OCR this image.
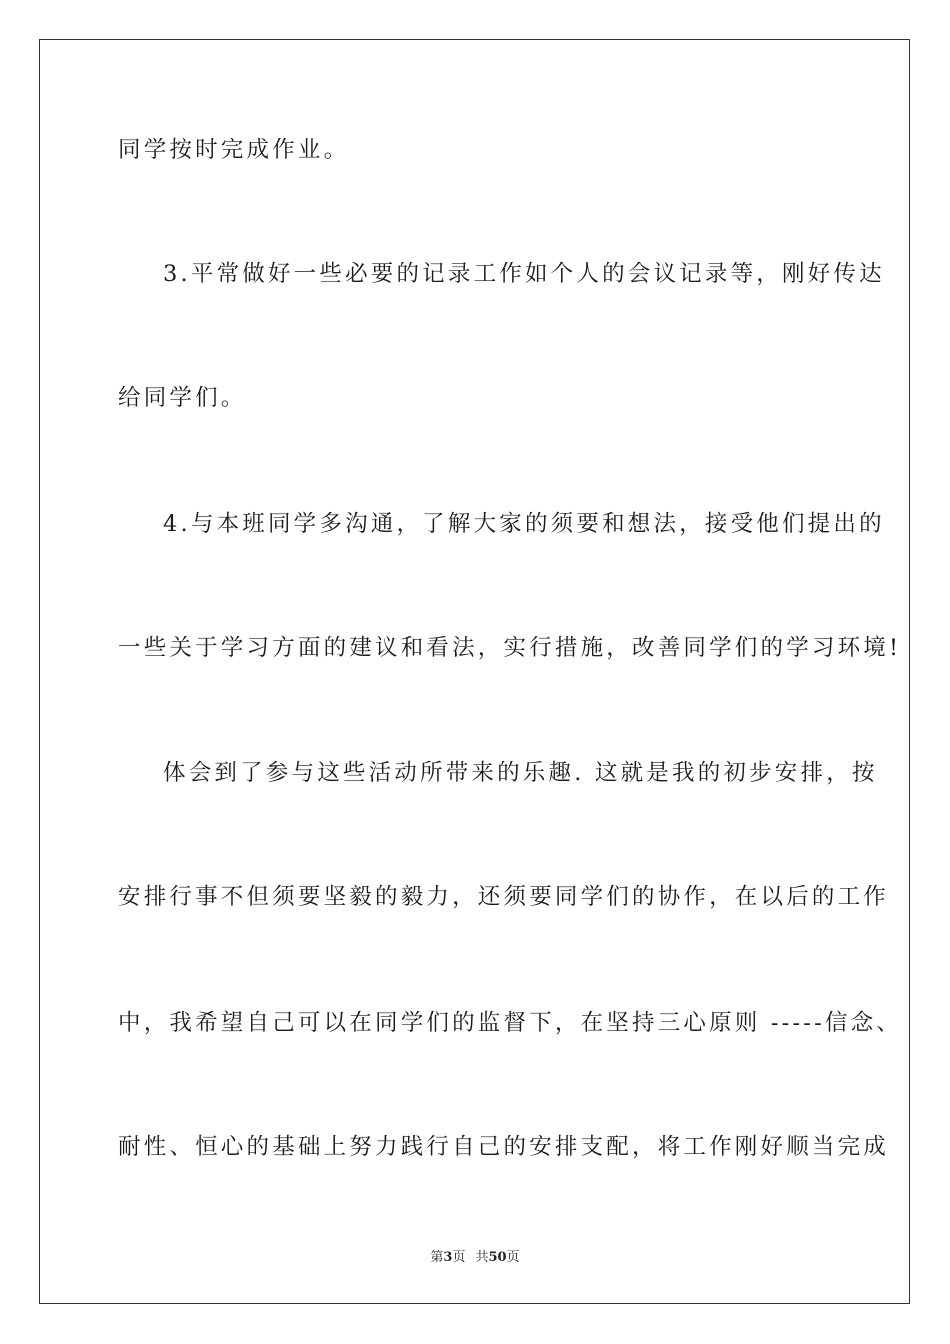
同学按时完成作业。
3.平常做好一些必要的记录工作如个人的会议记录等，刚好传达
给同学们。
4.与本班同学多沟通，了解大家的须要和想法，接受他们提出的
一些关于学习方面的建议和看法，实行措施，改善同学们的学习环境!
体会到了参与这些活动所带来的乐趣. 这就是我的初步安排，按
安排行事不但须要坚毅的毅力，还须要同学们的协作，在以后的工作
中，我希望自己可以在同学们的监督下，在坚持三心原则 -----信念、
耐性、恒心的基础上努力践行自己的安排支配，将工作刚好顺当完成
第3页 共50页
